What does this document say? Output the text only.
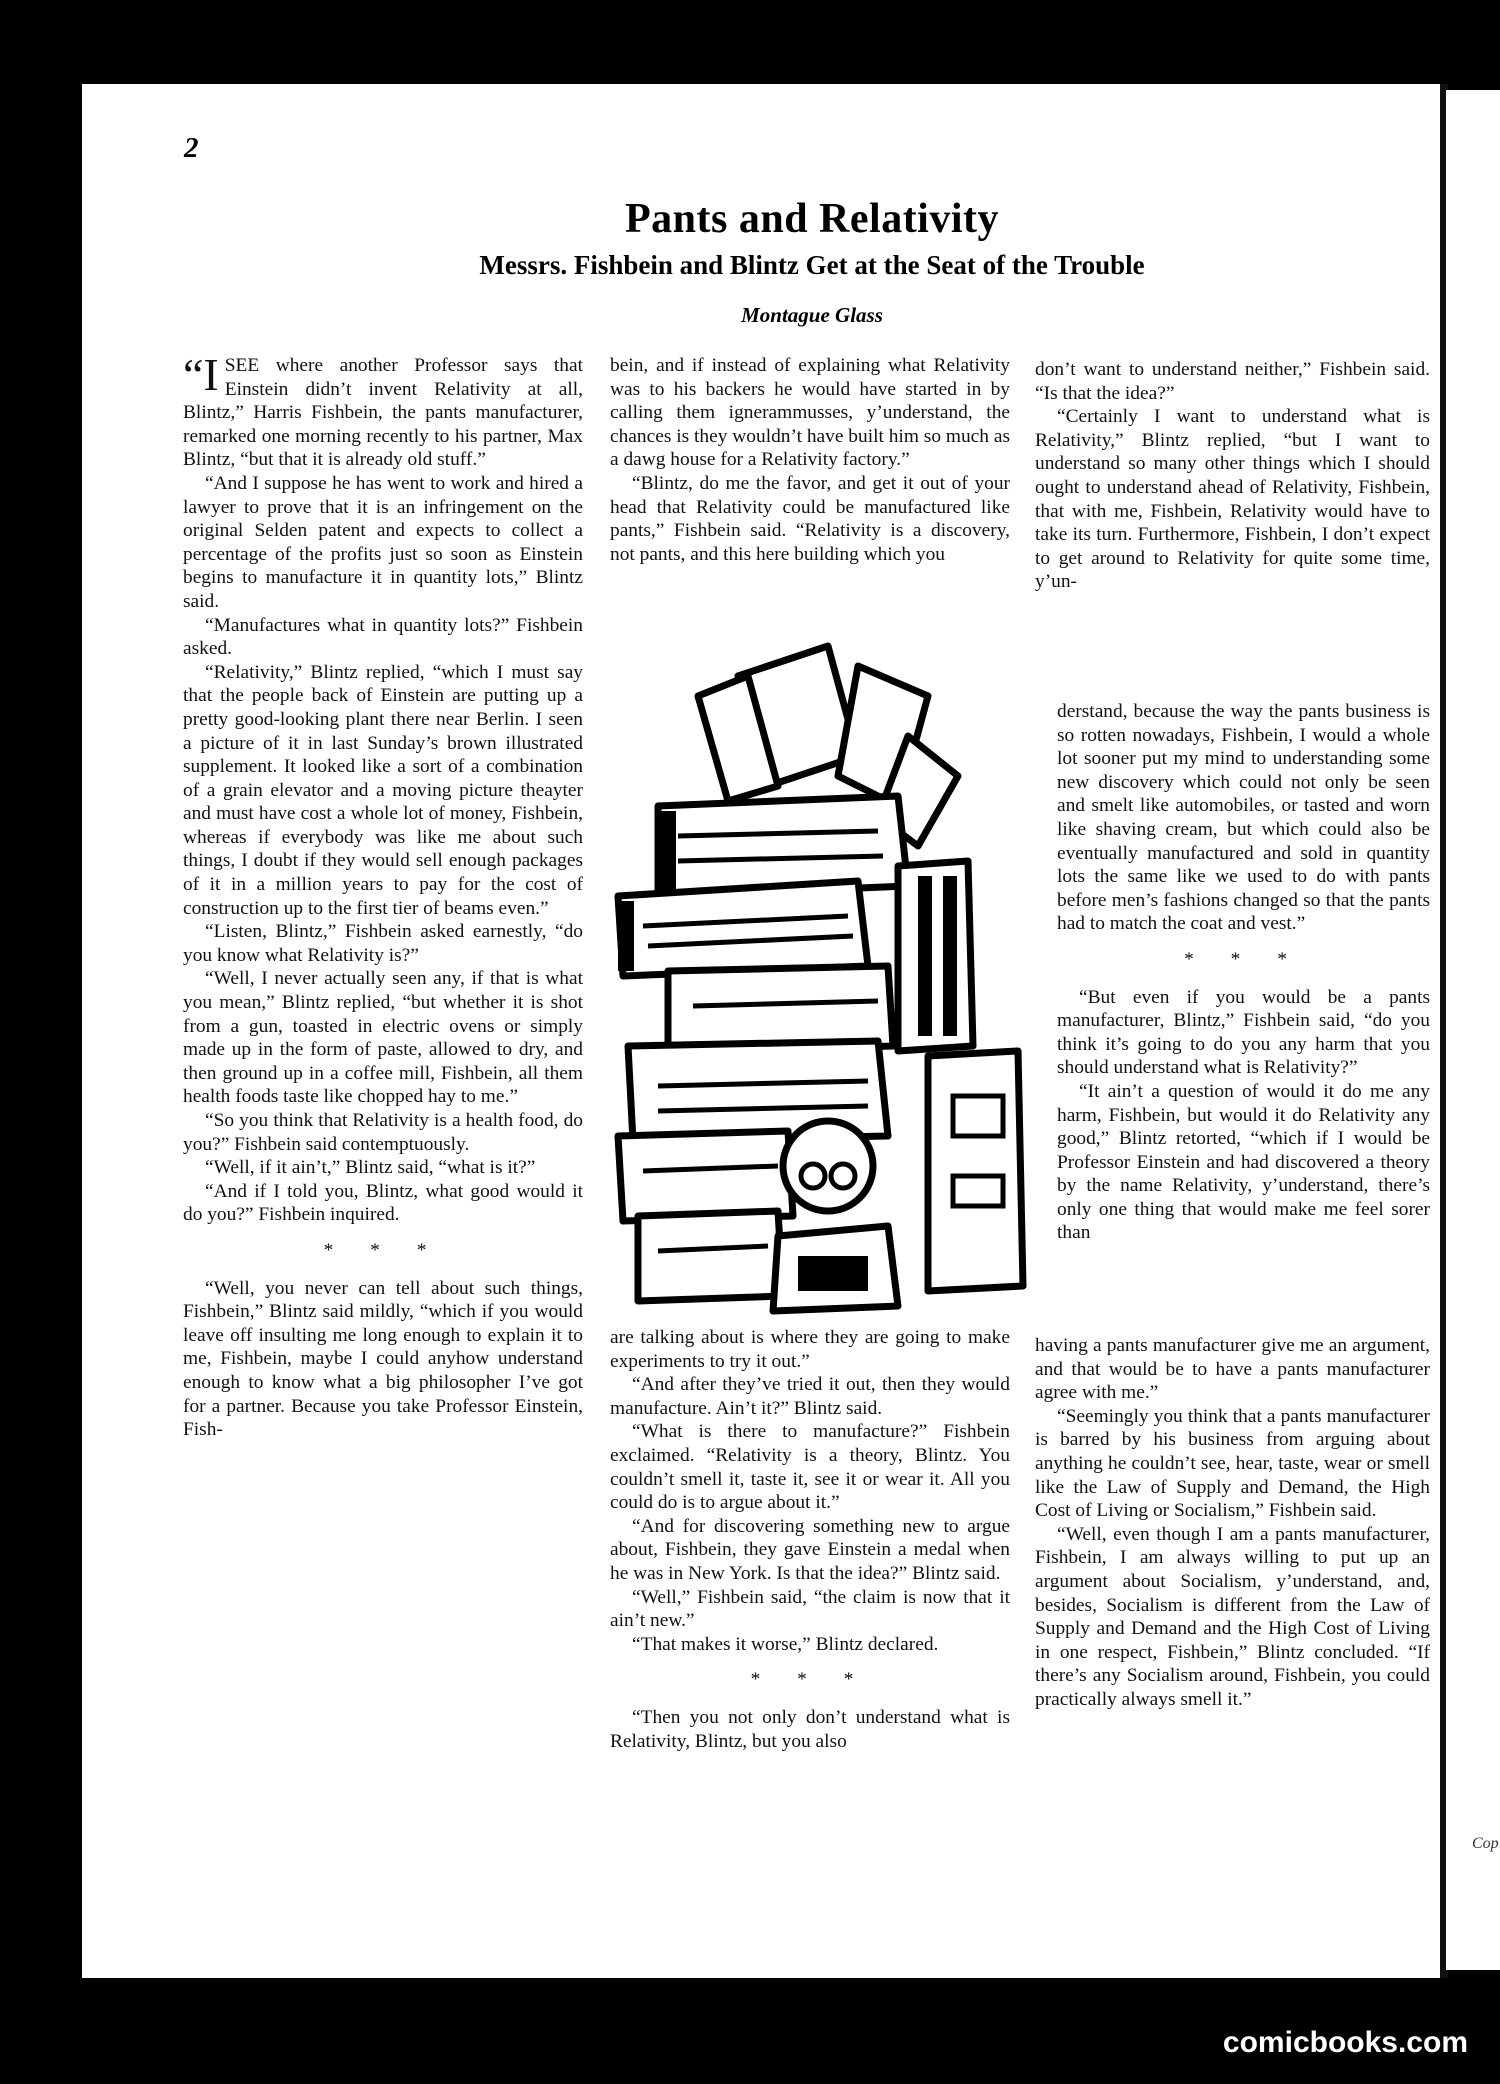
2
Pants and Relativity
Messrs. Fishbein and Blintz Get at the Seat of the Trouble
Montague Glass

“ISEE where another Professor says that Einstein didn’t invent Relativity at all, Blintz,” Harris Fishbein, the pants manufacturer, remarked one morning recently to his partner, Max Blintz, “but that it is already old stuff.”

“And I suppose he has went to work and hired a lawyer to prove that it is an infringement on the original Selden patent and expects to collect a percentage of the profits just so soon as Einstein begins to manufacture it in quantity lots,” Blintz said.

“Manufactures what in quantity lots?” Fishbein asked.

“Relativity,” Blintz replied, “which I must say that the people back of Einstein are putting up a pretty good-looking plant there near Berlin. I seen a picture of it in last Sunday’s brown illustrated supplement. It looked like a sort of a combination of a grain elevator and a moving picture theayter and must have cost a whole lot of money, Fishbein, whereas if everybody was like me about such things, I doubt if they would sell enough packages of it in a million years to pay for the cost of construction up to the first tier of beams even.”

“Listen, Blintz,” Fishbein asked earnestly, “do you know what Relativity is?”

“Well, I never actually seen any, if that is what you mean,” Blintz replied, “but whether it is shot from a gun, toasted in electric ovens or simply made up in the form of paste, allowed to dry, and then ground up in a coffee mill, Fishbein, all them health foods taste like chopped hay to me.”

“So you think that Relativity is a health food, do you?” Fishbein said contemptuously.

“Well, if it ain’t,” Blintz said, “what is it?”

“And if I told you, Blintz, what good would it do you?” Fishbein inquired.

* * *

“Well, you never can tell about such things, Fishbein,” Blintz said mildly, “which if you would leave off insulting me long enough to explain it to me, Fishbein, maybe I could anyhow understand enough to know what a big philosopher I’ve got for a partner. Because you take Professor Einstein, Fish-

bein, and if instead of explaining what Relativity was to his backers he would have started in by calling them ignerammusses, y’understand, the chances is they wouldn’t have built him so much as a dawg house for a Relativity factory.”

“Blintz, do me the favor, and get it out of your head that Relativity could be manufactured like pants,” Fishbein said. “Relativity is a discovery, not pants, and this here building which you

are talking about is where they are going to make experiments to try it out.”

“And after they’ve tried it out, then they would manufacture. Ain’t it?” Blintz said.

“What is there to manufacture?” Fishbein exclaimed. “Relativity is a theory, Blintz. You couldn’t smell it, taste it, see it or wear it. All you could do is to argue about it.”

“And for discovering something new to argue about, Fishbein, they gave Einstein a medal when he was in New York. Is that the idea?” Blintz said.

“Well,” Fishbein said, “the claim is now that it ain’t new.”

“That makes it worse,” Blintz declared.

* * *

“Then you not only don’t understand what is Relativity, Blintz, but you also

don’t want to understand neither,” Fishbein said. “Is that the idea?”

“Certainly I want to understand what is Relativity,” Blintz replied, “but I want to understand so many other things which I should ought to understand ahead of Relativity, Fishbein, that with me, Fishbein, Relativity would have to take its turn. Furthermore, Fishbein, I don’t expect to get around to Relativity for quite some time, y’un-

derstand, because the way the pants business is so rotten nowadays, Fishbein, I would a whole lot sooner put my mind to understanding some new discovery which could not only be seen and smelt like automobiles, or tasted and worn like shaving cream, but which could also be eventually manufactured and sold in quantity lots the same like we used to do with pants before men’s fashions changed so that the pants had to match the coat and vest.”

* * *

“But even if you would be a pants manufacturer, Blintz,” Fishbein said, “do you think it’s going to do you any harm that you should understand what is Relativity?”

“It ain’t a question of would it do me any harm, Fishbein, but would it do Relativity any good,” Blintz retorted, “which if I would be Professor Einstein and had discovered a theory by the name Relativity, y’understand, there’s only one thing that would make me feel sorer than

having a pants manufacturer give me an argument, and that would be to have a pants manufacturer agree with me.”

“Seemingly you think that a pants manufacturer is barred by his business from arguing about anything he couldn’t see, hear, taste, wear or smell like the Law of Supply and Demand, the High Cost of Living or Socialism,” Fishbein said.

“Well, even though I am a pants manufacturer, Fishbein, I am always willing to put up an argument about Socialism, y’understand, and, besides, Socialism is different from the Law of Supply and Demand and the High Cost of Living in one respect, Fishbein,” Blintz concluded. “If there’s any Socialism around, Fishbein, you could practically always smell it.”

Cop
comicbooks.com
